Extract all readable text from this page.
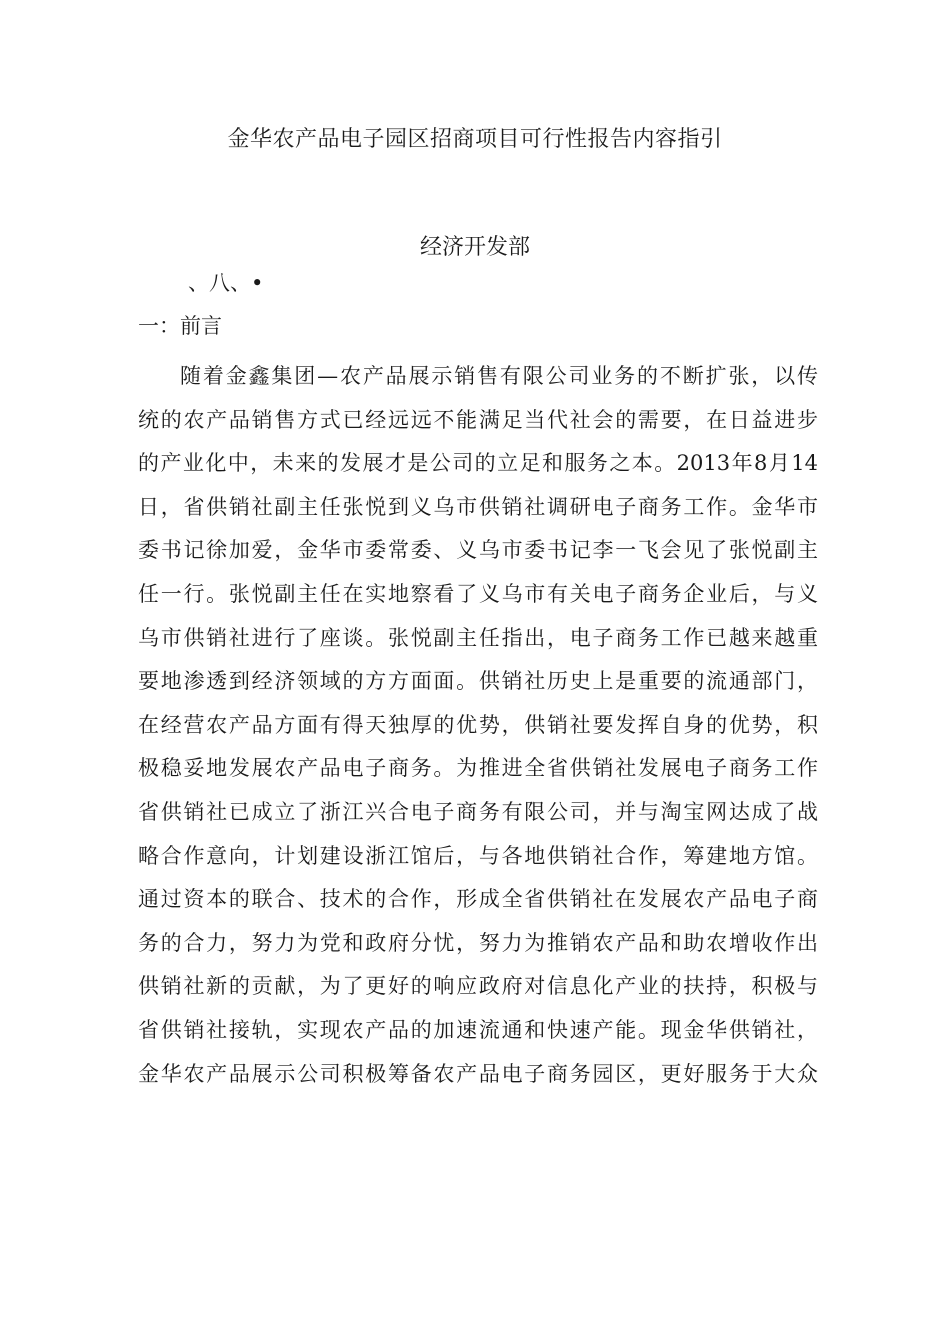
金华农产品电子园区招商项目可行性报告内容指引
经济开发部
、八、•
一：前言
随着金鑫集团—农产品展示销售有限公司业务的不断扩张，以传
统的农产品销售方式已经远远不能满足当代社会的需要，在日益进步
的产业化中，未来的发展才是公司的立足和服务之本。2013年8月14
日，省供销社副主任张悦到义乌市供销社调研电子商务工作。金华市
委书记徐加爱，金华市委常委、义乌市委书记李一飞会见了张悦副主
任一行。张悦副主任在实地察看了义乌市有关电子商务企业后，与义
乌市供销社进行了座谈。张悦副主任指出，电子商务工作已越来越重
要地渗透到经济领域的方方面面。供销社历史上是重要的流通部门，
在经营农产品方面有得天独厚的优势，供销社要发挥自身的优势，积
极稳妥地发展农产品电子商务。为推进全省供销社发展电子商务工作
省供销社已成立了浙江兴合电子商务有限公司，并与淘宝网达成了战
略合作意向，计划建设浙江馆后，与各地供销社合作，筹建地方馆。
通过资本的联合、技术的合作，形成全省供销社在发展农产品电子商
务的合力，努力为党和政府分忧，努力为推销农产品和助农增收作出
供销社新的贡献，为了更好的响应政府对信息化产业的扶持，积极与
省供销社接轨，实现农产品的加速流通和快速产能。现金华供销社，
金华农产品展示公司积极筹备农产品电子商务园区，更好服务于大众
